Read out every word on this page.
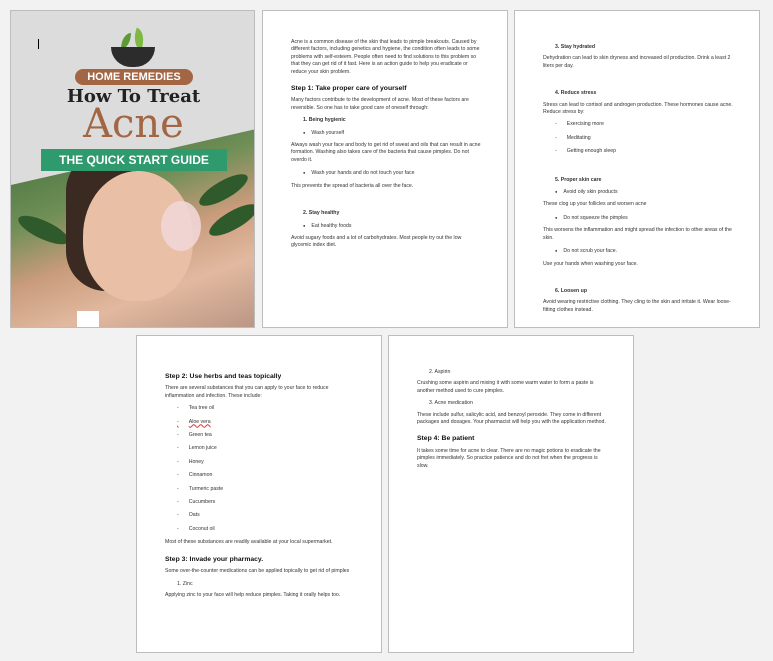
HOME REMEDIES
How To Treat
Acne
THE QUICK START GUIDE

Acne is a common disease of the skin that leads to pimple breakouts. Caused by different factors, including genetics and hygiene, the condition often leads to some problems with self-esteem. People often need to find solutions to this problem so that they can get rid of it fast. Here is an action guide to help you eradicate or reduce your skin problem.

Step 1: Take proper care of yourself

Many factors contribute to the development of acne. Most of these factors are reversible. So one has to take good care of oneself through:

1. Being hygienic
● Wash yourself

Always wash your face and body to get rid of sweat and oils that can result in acne formation. Washing also takes care of the bacteria that cause pimples. Do not overdo it.

● Wash your hands and do not touch your face

This prevents the spread of bacteria all over the face.

2. Stay healthy
● Eat healthy foods

Avoid sugary foods and a lot of carbohydrates. Most people try out the low glycemic index diet.

3. Stay hydrated

Dehydration can lead to skin dryness and increased oil production. Drink a least 2 liters per day.

4. Reduce stress

Stress can lead to cortisol and androgen production. These hormones cause acne. Reduce stress by:

- Exercising more
- Meditating
- Getting enough sleep
5. Proper skin care
● Avoid oily skin products

These clog up your follicles and worsen acne

● Do not squeeze the pimples

This worsens the inflammation and might spread the infection to other areas of the skin.

● Do not scrub your face.

Use your hands when washing your face.

6. Loosen up

Avoid wearing restrictive clothing. They cling to the skin and irritate it. Wear loose-fitting clothes instead.

Step 2: Use herbs and teas topically

There are several substances that you can apply to your face to reduce inflammation and infection. These include:

- Tea tree oil
- Aloe vera
- Green tea
- Lemon juice
- Honey
- Cinnamon
- Turmeric paste
- Cucumbers
- Oats
- Coconut oil

Most of these substances are readily available at your local supermarket.

Step 3: Invade your pharmacy.

Some over-the-counter medications can be applied topically to get rid of pimples

1. Zinc

Applying zinc to your face will help reduce pimples. Taking it orally helps too.

2. Aspirin

Crushing some aspirin and mixing it with some warm water to form a paste is another method used to cure pimples.

3. Acne medication

These include sulfur, salicylic acid, and benzoyl peroxide. They come in different packages and dosages. Your pharmacist will help you with the application method.

Step 4: Be patient

It takes some time for acne to clear. There are no magic potions to eradicate the pimples immediately. So practice patience and do not fret when the progress is slow.
